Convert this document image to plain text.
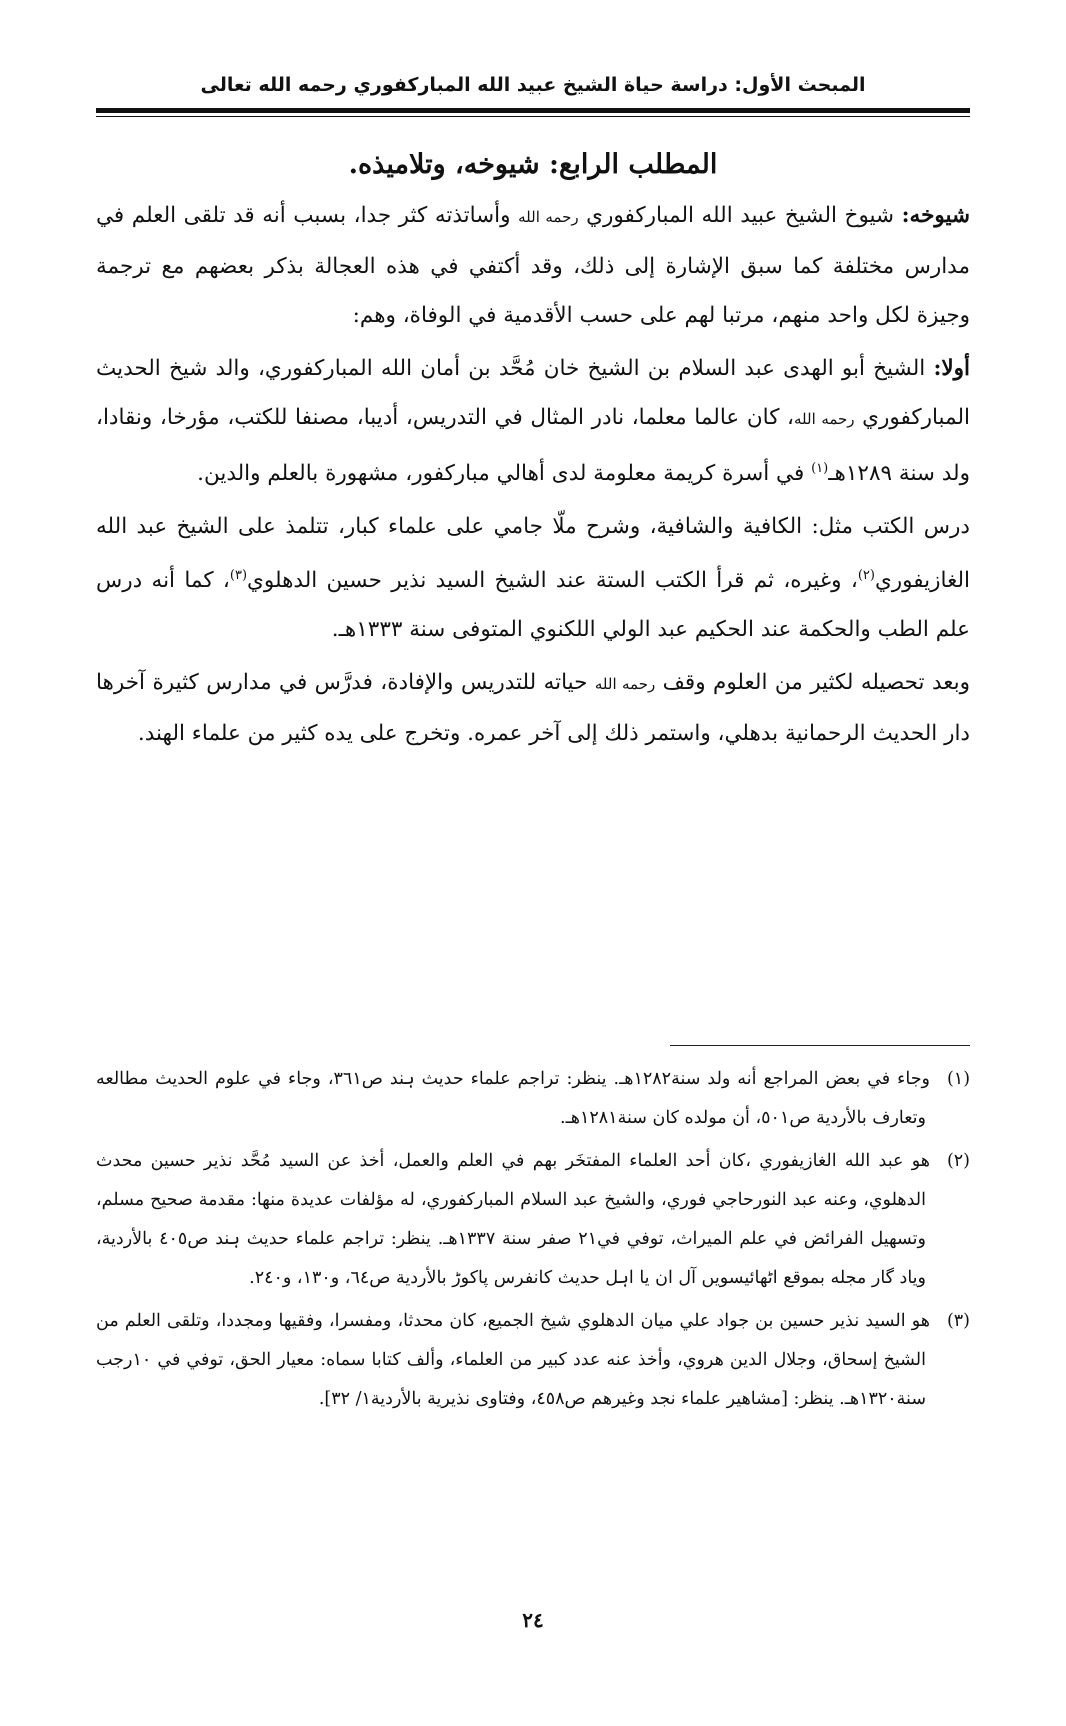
المبحث الأول: دراسة حياة الشيخ عبيد الله المباركفوري رحمه الله تعالى
المطلب الرابع: شيوخه، وتلاميذه.

شيوخه: شيوخ الشيخ عبيد الله المباركفوري رحمه الله وأساتذته كثر جدا، بسبب أنه قد تلقى العلم في مدارس مختلفة كما سبق الإشارة إلى ذلك، وقد أكتفي في هذه العجالة بذكر بعضهم مع ترجمة وجيزة لكل واحد منهم، مرتبا لهم على حسب الأقدمية في الوفاة، وهم:

أولا: الشيخ أبو الهدى عبد السلام بن الشيخ خان مُحَّد بن أمان الله المباركفوري، والد شيخ الحديث المباركفوري رحمه الله، كان عالما معلما، نادر المثال في التدريس، أديبا، مصنفا للكتب، مؤرخا، ونقادا، ولد سنة ١٢٨٩هـ$^{(١)}$ في أسرة كريمة معلومة لدى أهالي مباركفور، مشهورة بالعلم والدين.

درس الكتب مثل: الكافية والشافية، وشرح ملّا جامي على علماء كبار، تتلمذ على الشيخ عبد الله الغازيفوري$^{(٢)}$، وغيره، ثم قرأ الكتب الستة عند الشيخ السيد نذير حسين الدهلوي$^{(٣)}$، كما أنه درس علم الطب والحكمة عند الحكيم عبد الولي اللكنوي المتوفى سنة ١٣٣٣هـ.

وبعد تحصيله لكثير من العلوم وقف رحمه الله حياته للتدريس والإفادة، فدرَّس في مدارس كثيرة آخرها دار الحديث الرحمانية بدهلي، واستمر ذلك إلى آخر عمره. وتخرج على يده كثير من علماء الهند.

(١)وجاء في بعض المراجع أنه ولد سنة١٢٨٢هـ. ينظر: تراجم علماء حديث ہند ص٣٦١، وجاء في علوم الحديث مطالعه وتعارف بالأردية ص٥٠١، أن مولده كان سنة١٢٨١هـ.

(٢)هو عبد الله الغازيفوري ،كان أحد العلماء المفتخَر بهم في العلم والعمل، أخذ عن السيد مُحَّد نذير حسين محدث الدهلوي، وعنه عبد النورحاجي فوري، والشيخ عبد السلام المباركفوري، له مؤلفات عديدة منها: مقدمة صحيح مسلم، وتسهيل الفرائض في علم الميراث، توفي في٢١ صفر سنة ١٣٣٧هـ. ينظر: تراجم علماء حديث ہند ص٤٠٥ بالأردية، وياد گار مجله بموقع اٹھائیسویں آل ان یا اہل حدیث كانفرس پاكوڑ بالأردية ص٦٤، و١٣٠، و٢٤٠.

(٣)هو السيد نذير حسين بن جواد علي ميان الدهلوي شيخ الجميع، كان محدثا، ومفسرا، وفقيها ومجددا، وتلقى العلم من الشيخ إسحاق، وجلال الدين هروي، وأخذ عنه عدد كبير من العلماء، وألف كتابا سماه: معيار الحق، توفي في ١٠رجب سنة١٣٢٠هـ. ينظر: [مشاهير علماء نجد وغيرهم ص٤٥٨، وفتاوى نذيرية بالأردية١/ ٣٢].

٢٤
